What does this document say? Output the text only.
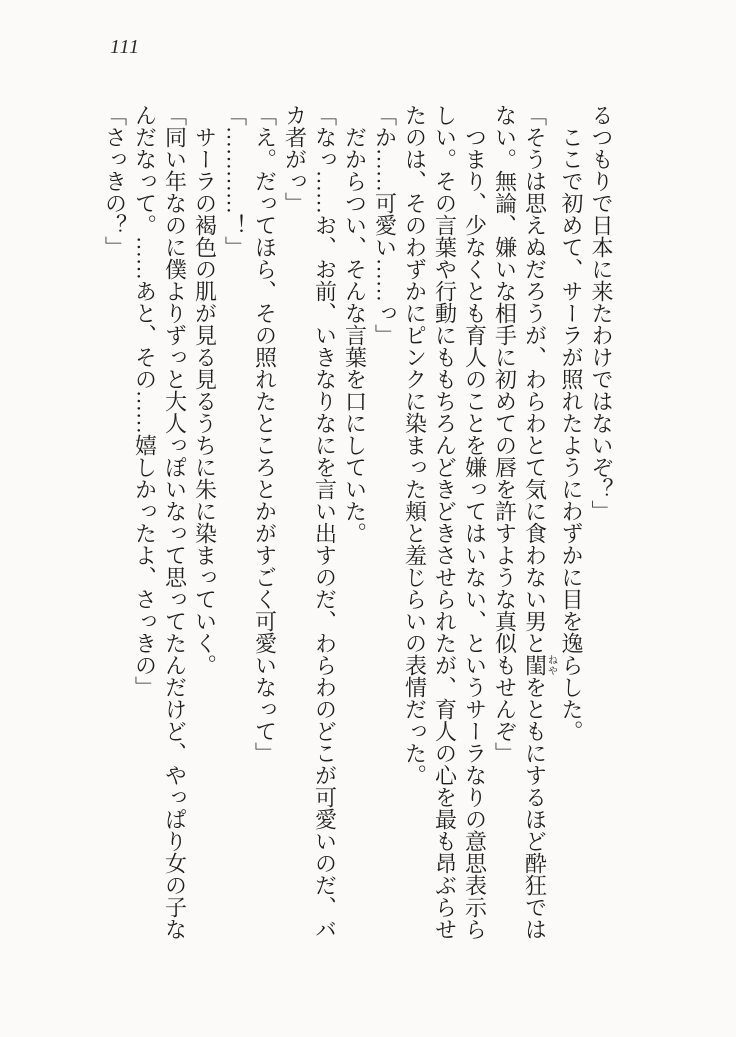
111

るつもりで日本に来たわけではないぞ？」

ここで初めて、サーラが照れたようにわずかに目を逸らした。

「そうは思えぬだろうが、わらわとて気に食わない男と閨ねやをともにするほど酔狂ではない。無論、嫌いな相手に初めての唇を許すような真似もせんぞ」

つまり、少なくとも育人のことを嫌ってはいない、というサーラなりの意思表示らしい。その言葉や行動にももちろんどきどきさせられたが、育人の心を最も昂ぶらせたのは、そのわずかにピンクに染まった頬と羞じらいの表情だった。

「か……可愛い……っ」

だからつい、そんな言葉を口にしていた。

「なっ……お、お前、いきなりなにを言い出すのだ、わらわのどこが可愛いのだ、バカ者がっ」

「え。だってほら、その照れたところとかがすごく可愛いなって」

「…………！」

サーラの褐色の肌が見る見るうちに朱に染まっていく。

「同い年なのに僕よりずっと大人っぽいなって思ってたんだけど、やっぱり女の子なんだなって。……あと、その……嬉しかったよ、さっきの」

「さっきの？」
